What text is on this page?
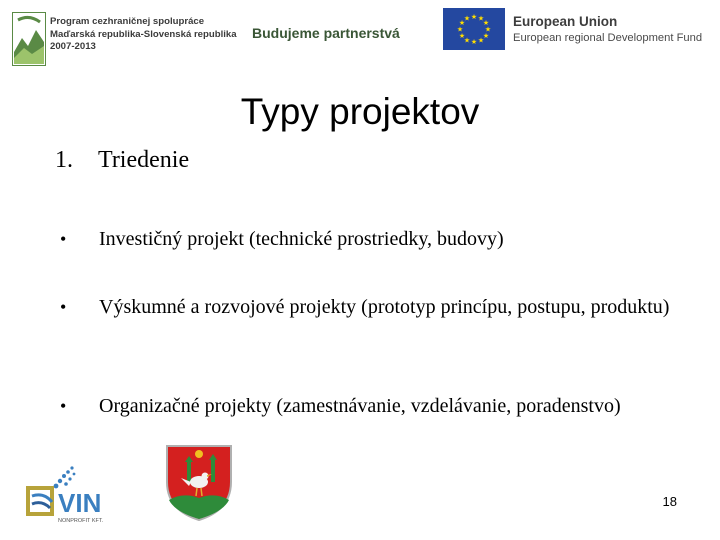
Program cezhraničnej spolupráce
Maďarská republika-Slovenská republika
2007-2013
Budujeme partnerstvá
★ ★
★
★
★
★
★
★
★
★
★
★	European Union
European regional Development Fund
Typy projektov
1. Triedenie
• Investičný projekt (technické prostriedky, budovy)
• Výskumné a rozvojové projekty (prototyp princípu, postupu, produktu)
• Organizačné projekty (zamestnávanie, vzdelávanie, poradenstvo)
VIN
NONPROFIT KFT.
18
